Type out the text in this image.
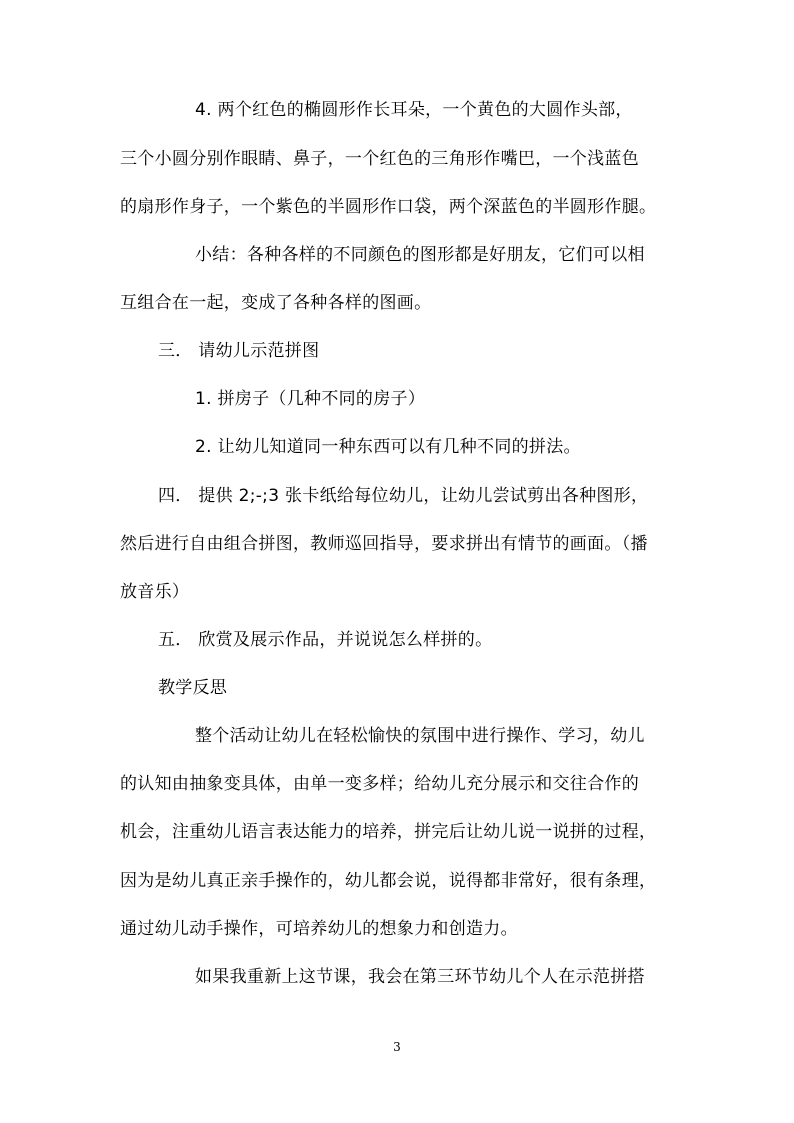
4. 两个红色的椭圆形作长耳朵，一个黄色的大圆作头部，
三个小圆分别作眼睛、鼻子，一个红色的三角形作嘴巴，一个浅蓝色
的扇形作身子，一个紫色的半圆形作口袋，两个深蓝色的半圆形作腿。
小结：各种各样的不同颜色的图形都是好朋友，它们可以相
互组合在一起，变成了各种各样的图画。
三． 请幼儿示范拼图
1. 拼房子（几种不同的房子）
2. 让幼儿知道同一种东西可以有几种不同的拼法。
四． 提供 2;-;3 张卡纸给每位幼儿，让幼儿尝试剪出各种图形，
然后进行自由组合拼图，教师巡回指导，要求拼出有情节的画面。（播
放音乐）
五． 欣赏及展示作品，并说说怎么样拼的。
教学反思
整个活动让幼儿在轻松愉快的氛围中进行操作、学习，幼儿
的认知由抽象变具体，由单一变多样；给幼儿充分展示和交往合作的
机会，注重幼儿语言表达能力的培养，拼完后让幼儿说一说拼的过程，
因为是幼儿真正亲手操作的，幼儿都会说，说得都非常好，很有条理，
通过幼儿动手操作，可培养幼儿的想象力和创造力。
如果我重新上这节课，我会在第三环节幼儿个人在示范拼搭
3
